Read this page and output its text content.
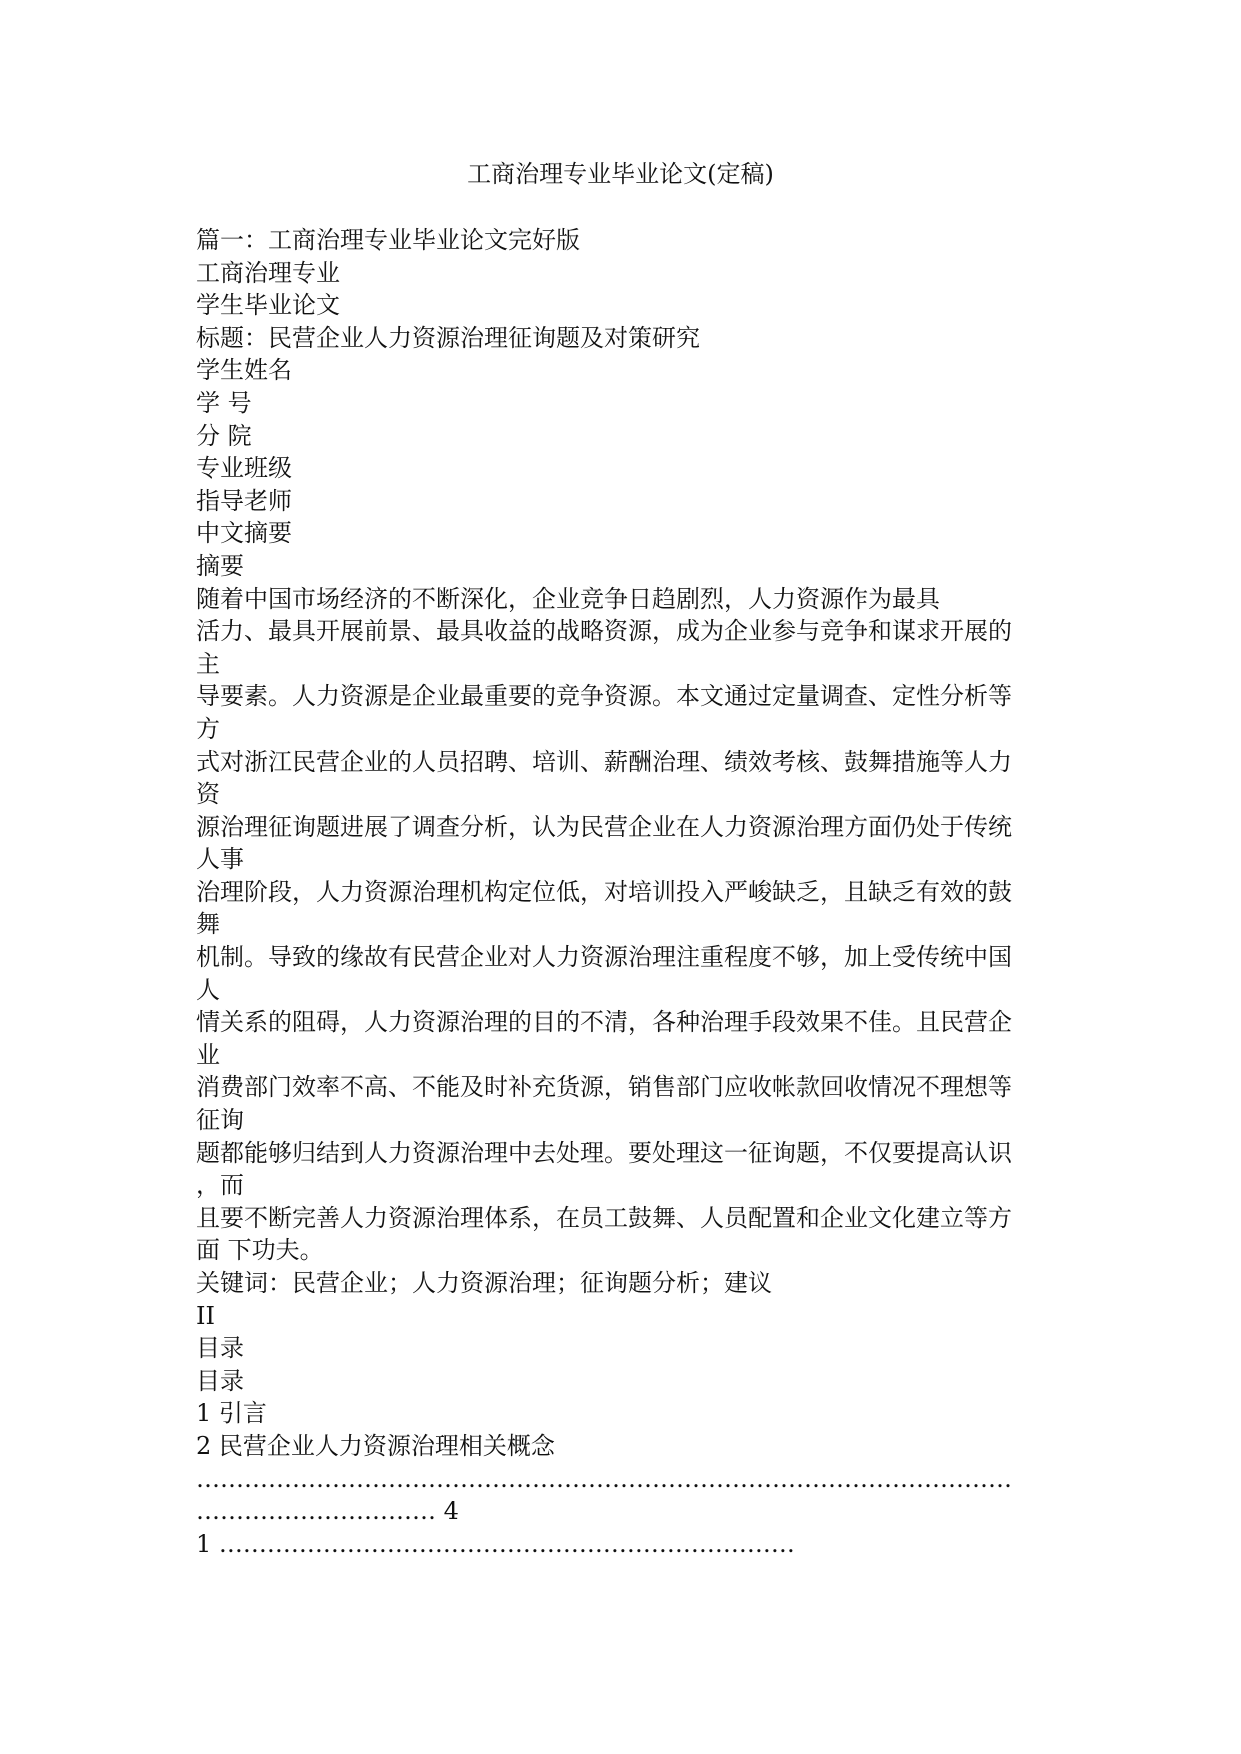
工商治理专业毕业论文(定稿)
篇一：工商治理专业毕业论文完好版
工商治理专业
学生毕业论文
标题：民营企业人力资源治理征询题及对策研究
学生姓名
学 号
分 院
专业班级
指导老师
中文摘要
摘要
随着中国市场经济的不断深化，企业竞争日趋剧烈，人力资源作为最具
活力、最具开展前景、最具收益的战略资源，成为企业参与竞争和谋求开展的
主
导要素。人力资源是企业最重要的竞争资源。本文通过定量调查、定性分析等
方
式对浙江民营企业的人员招聘、培训、薪酬治理、绩效考核、鼓舞措施等人力
资
源治理征询题进展了调查分析，认为民营企业在人力资源治理方面仍处于传统
人事
治理阶段，人力资源治理机构定位低，对培训投入严峻缺乏，且缺乏有效的鼓
舞
机制。导致的缘故有民营企业对人力资源治理注重程度不够，加上受传统中国
人
情关系的阻碍，人力资源治理的目的不清，各种治理手段效果不佳。且民营企
业
消费部门效率不高、不能及时补充货源，销售部门应收帐款回收情况不理想等
征询
题都能够归结到人力资源治理中去处理。要处理这一征询题，不仅要提高认识
，而
且要不断完善人力资源治理体系，在员工鼓舞、人员配置和企业文化建立等方
面 下功夫。
关键词：民营企业；人力资源治理；征询题分析；建议
II
目录
目录
1 引言
2 民营企业人力资源治理相关概念
…………………………………………………………………………………………
………………………… 4
1 ………………………………………………………………
